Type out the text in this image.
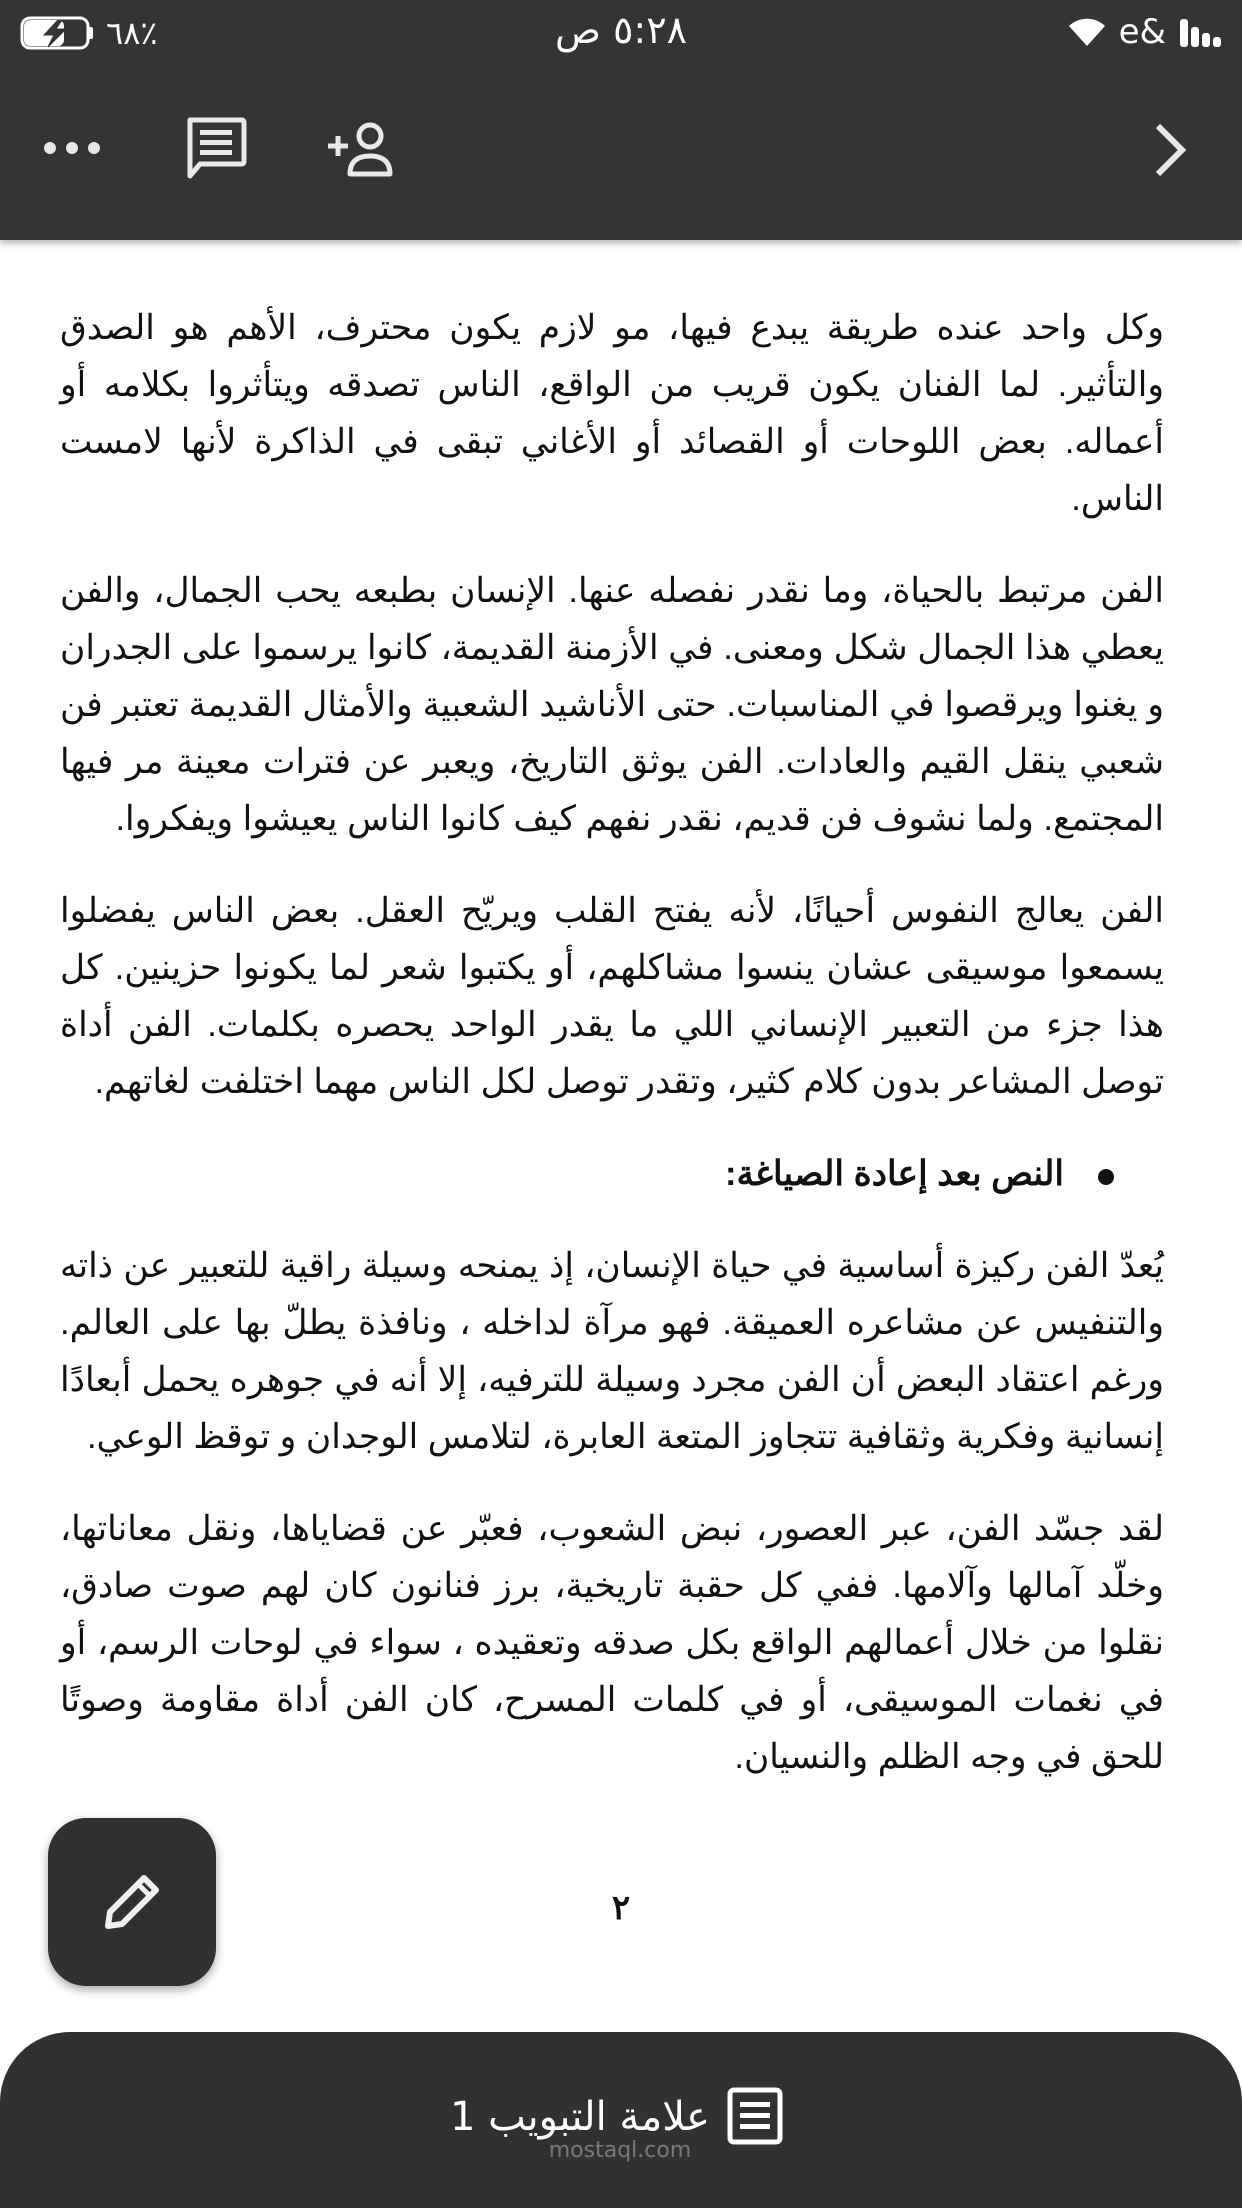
٪٦٨	٥:٢٨ ص	e&

وكل واحد عنده طريقة يبدع فيها، مو لازم يكون محترف، الأهم هو الصدق والتأثير. لما الفنان يكون قريب من الواقع، الناس تصدقه ويتأثروا بكلامه أو أعماله. بعض اللوحات أو القصائد أو الأغاني تبقى في الذاكرة لأنها لامست الناس.

الفن مرتبط بالحياة، وما نقدر نفصله عنها. الإنسان بطبعه يحب الجمال، والفن يعطي هذا الجمال شكل ومعنى. في الأزمنة القديمة، كانوا يرسموا على الجدران و يغنوا ويرقصوا في المناسبات. حتى الأناشيد الشعبية والأمثال القديمة تعتبر فن شعبي ينقل القيم والعادات. الفن يوثق التاريخ، ويعبر عن فترات معينة مر فيها المجتمع. ولما نشوف فن قديم، نقدر نفهم كيف كانوا الناس يعيشوا ويفكروا.

الفن يعالج النفوس أحيانًا، لأنه يفتح القلب ويريّح العقل. بعض الناس يفضلوا يسمعوا موسيقى عشان ينسوا مشاكلهم، أو يكتبوا شعر لما يكونوا حزينين. كل هذا جزء من التعبير الإنساني اللي ما يقدر الواحد يحصره بكلمات. الفن أداة توصل المشاعر بدون كلام كثير، وتقدر توصل لكل الناس مهما اختلفت لغاتهم.

النص بعد إعادة الصياغة:

يُعدّ الفن ركيزة أساسية في حياة الإنسان، إذ يمنحه وسيلة راقية للتعبير عن ذاته والتنفيس عن مشاعره العميقة. فهو مرآة لداخله ، ونافذة يطلّ بها على العالم. ورغم اعتقاد البعض أن الفن مجرد وسيلة للترفيه، إلا أنه في جوهره يحمل أبعادًا إنسانية وفكرية وثقافية تتجاوز المتعة العابرة، لتلامس الوجدان و توقظ الوعي.

لقد جسّد الفن، عبر العصور، نبض الشعوب، فعبّر عن قضاياها، ونقل معاناتها، وخلّد آمالها وآلامها. ففي كل حقبة تاريخية، برز فنانون كان لهم صوت صادق، نقلوا من خلال أعمالهم الواقع بكل صدقه وتعقيده ، سواء في لوحات الرسم، أو في نغمات الموسيقى، أو في كلمات المسرح، كان الفن أداة مقاومة وصوتًا للحق في وجه الظلم والنسيان.

٢
علامة التبويب 1
mostaql.com
